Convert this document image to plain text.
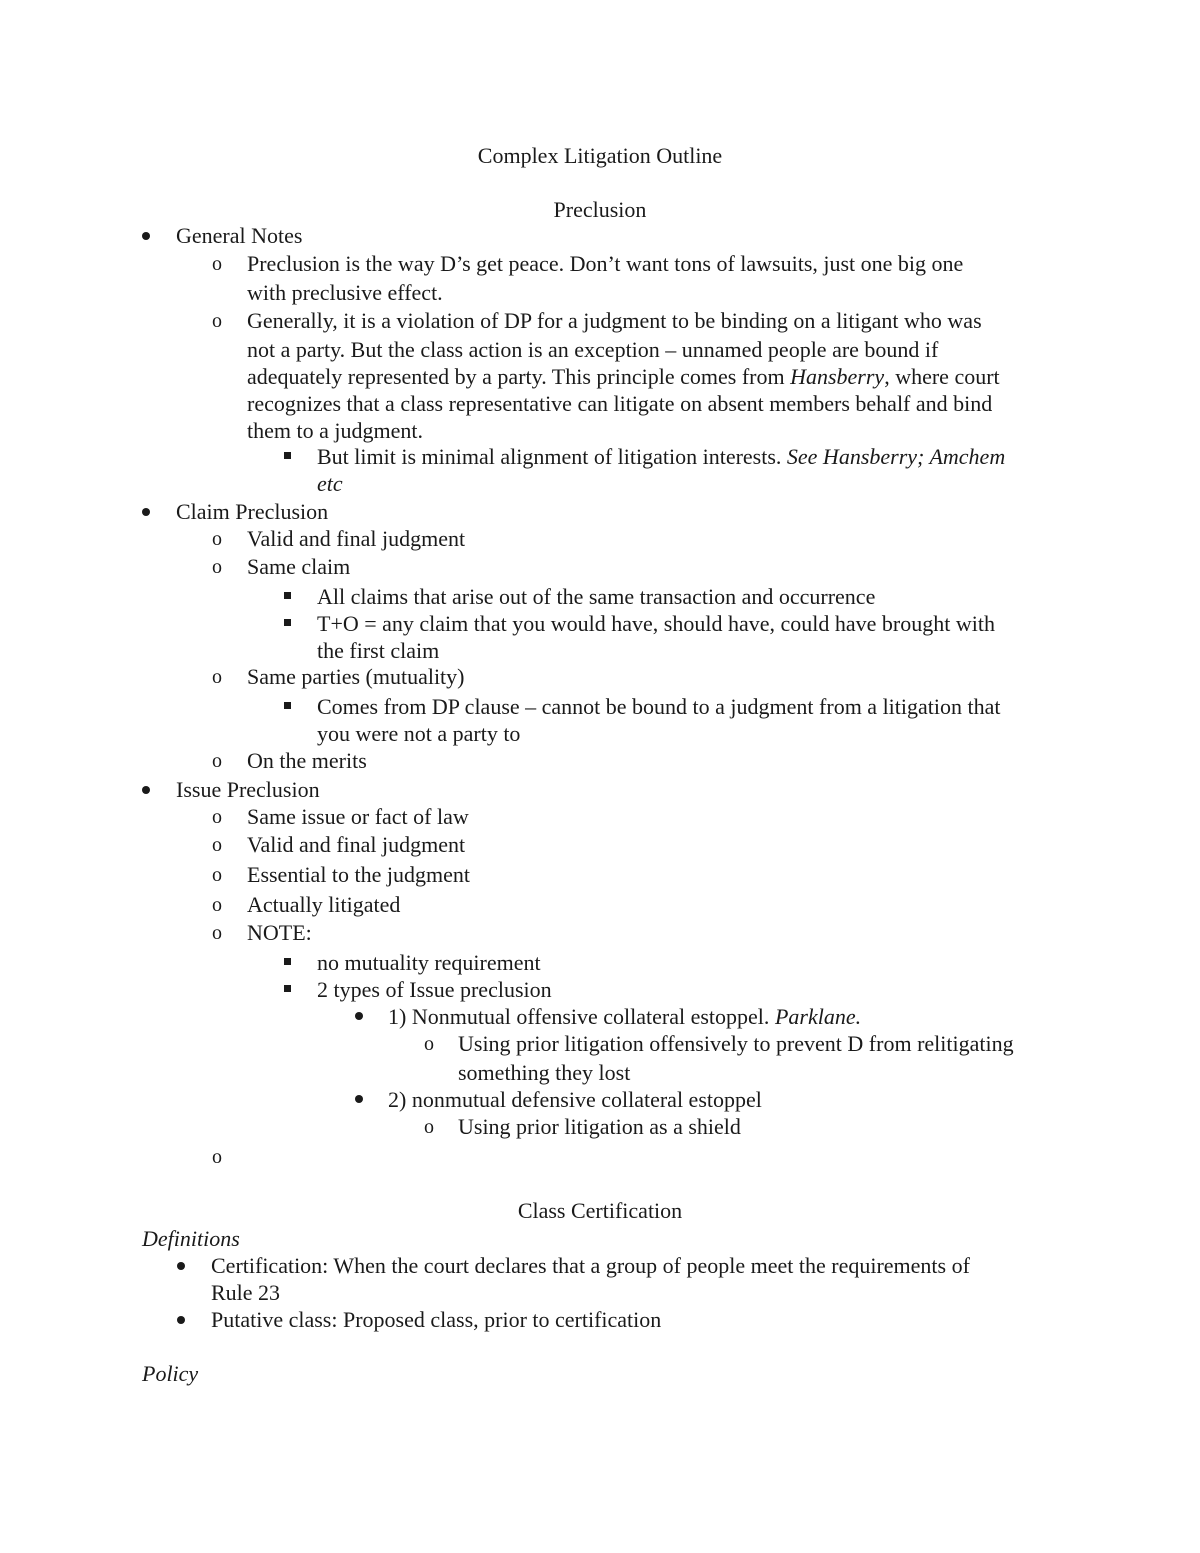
Complex Litigation Outline
Preclusion
General Notes
o Preclusion is the way D’s get peace. Don’t want tons of lawsuits, just one big one
with preclusive effect.
o Generally, it is a violation of DP for a judgment to be binding on a litigant who was
not a party. But the class action is an exception – unnamed people are bound if
adequately represented by a party. This principle comes from Hansberry, where court
recognizes that a class representative can litigate on absent members behalf and bind
them to a judgment.
But limit is minimal alignment of litigation interests. See Hansberry; Amchem
etc
Claim Preclusion
o Valid and final judgment
o Same claim
All claims that arise out of the same transaction and occurrence
T+O = any claim that you would have, should have, could have brought with
the first claim
o Same parties (mutuality)
Comes from DP clause – cannot be bound to a judgment from a litigation that
you were not a party to
o On the merits
Issue Preclusion
o Same issue or fact of law
o Valid and final judgment
o Essential to the judgment
o Actually litigated
o NOTE:
no mutuality requirement
2 types of Issue preclusion
1) Nonmutual offensive collateral estoppel. Parklane.
o Using prior litigation offensively to prevent D from relitigating
something they lost
2) nonmutual defensive collateral estoppel
o Using prior litigation as a shield
o
Class Certification
Definitions
Certification: When the court declares that a group of people meet the requirements of
Rule 23
Putative class: Proposed class, prior to certification
Policy
